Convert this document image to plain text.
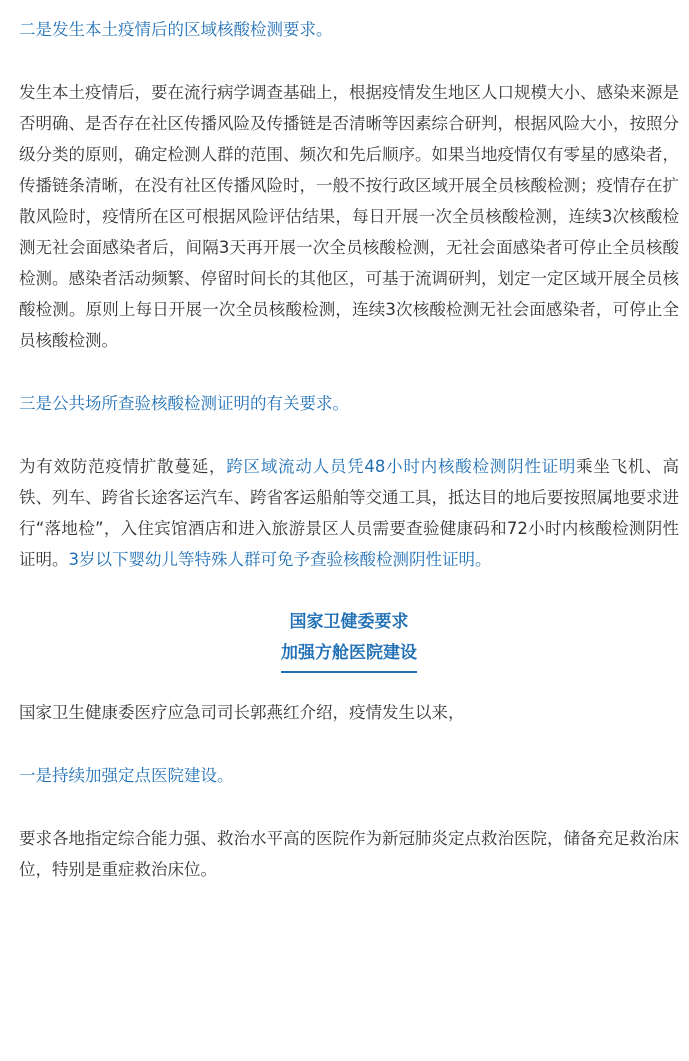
二是发生本土疫情后的区域核酸检测要求。

发生本土疫情后，要在流行病学调查基础上，根据疫情发生地区人口规模大小、感染来源是否明确、是否存在社区传播风险及传播链是否清晰等因素综合研判，根据风险大小，按照分级分类的原则，确定检测人群的范围、频次和先后顺序。如果当地疫情仅有零星的感染者，传播链条清晰，在没有社区传播风险时，一般不按行政区域开展全员核酸检测；疫情存在扩散风险时，疫情所在区可根据风险评估结果，每日开展一次全员核酸检测，连续3次核酸检测无社会面感染者后，间隔3天再开展一次全员核酸检测，无社会面感染者可停止全员核酸检测。感染者活动频繁、停留时间长的其他区，可基于流调研判，划定一定区域开展全员核酸检测。原则上每日开展一次全员核酸检测，连续3次核酸检测无社会面感染者，可停止全员核酸检测。

三是公共场所查验核酸检测证明的有关要求。

为有效防范疫情扩散蔓延，跨区域流动人员凭48小时内核酸检测阴性证明乘坐飞机、高铁、列车、跨省长途客运汽车、跨省客运船舶等交通工具，抵达目的地后要按照属地要求进行“落地检”，入住宾馆酒店和进入旅游景区人员需要查验健康码和72小时内核酸检测阴性证明。3岁以下婴幼儿等特殊人群可免予查验核酸检测阴性证明。

国家卫健委要求
加强方舱医院建设

国家卫生健康委医疗应急司司长郭燕红介绍，疫情发生以来，

一是持续加强定点医院建设。

要求各地指定综合能力强、救治水平高的医院作为新冠肺炎定点救治医院，储备充足救治床位，特别是重症救治床位。
